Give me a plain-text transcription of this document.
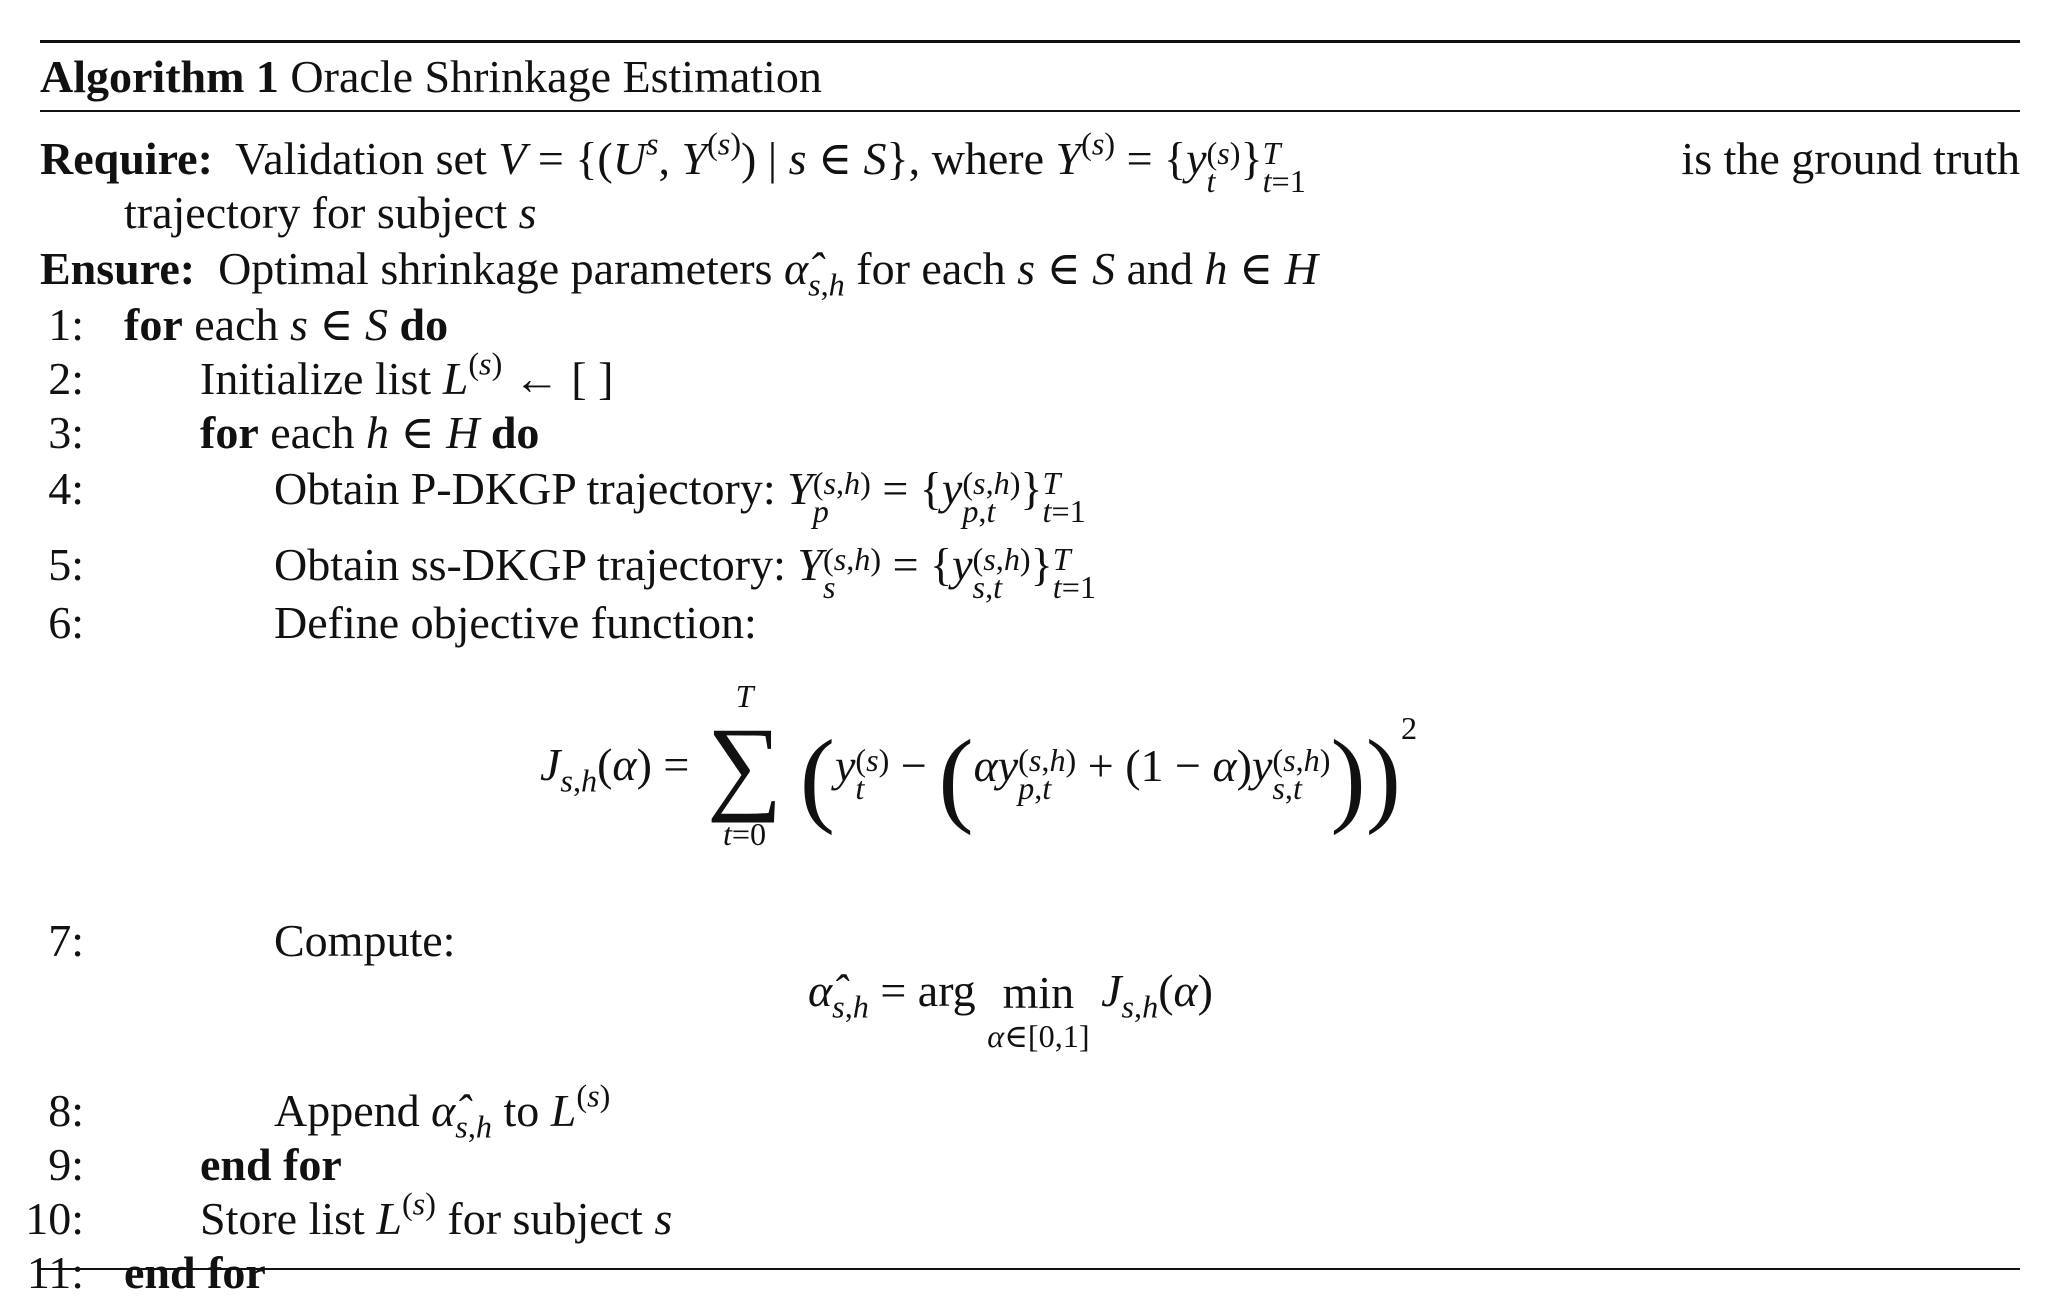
Algorithm 1 Oracle Shrinkage Estimation
Require: Validation set $V = \{(U^s$, $Y^{(s)}$) | s ∈ S}, where $Y^{(s)} = \{y$ (s)
t } T
t=1	is the ground truth
trajectory for subject s
Ensure: Optimal shrinkage parameters $\alphâ_{s,h}$ for each s ∈ S and h ∈ H
1: for each s ∈ S do
2:	Initialize list $L^{(s)}$ ← [ ]
3:	for each h ∈ H do
4:	Obtain P-DKGP trajectory: Y (s,h)
p = {y (s,h)
p,t } T
t=1
5:	Obtain ss-DKGP trajectory: Y (s,h)
s = {y (s,h)
s,t } T
t=1
6:	Define objective function:
$J_{s,h}(\alpha)$ =
T
∑
t=0 (y (s)
t − (αy (s,h)
p,t + (1 − α)y (s,h)
s,t ))$^2$
7:	Compute:
$\alphâ_{s,h}$ = arg min
α∈[0,1]
$J_{s,h}(\alpha)$
8:	Append $\alphâ_{s,h}$ to $L^{(s)}$
9:	end for
10:	Store list $L^{(s)}$ for subject s
11: end for
